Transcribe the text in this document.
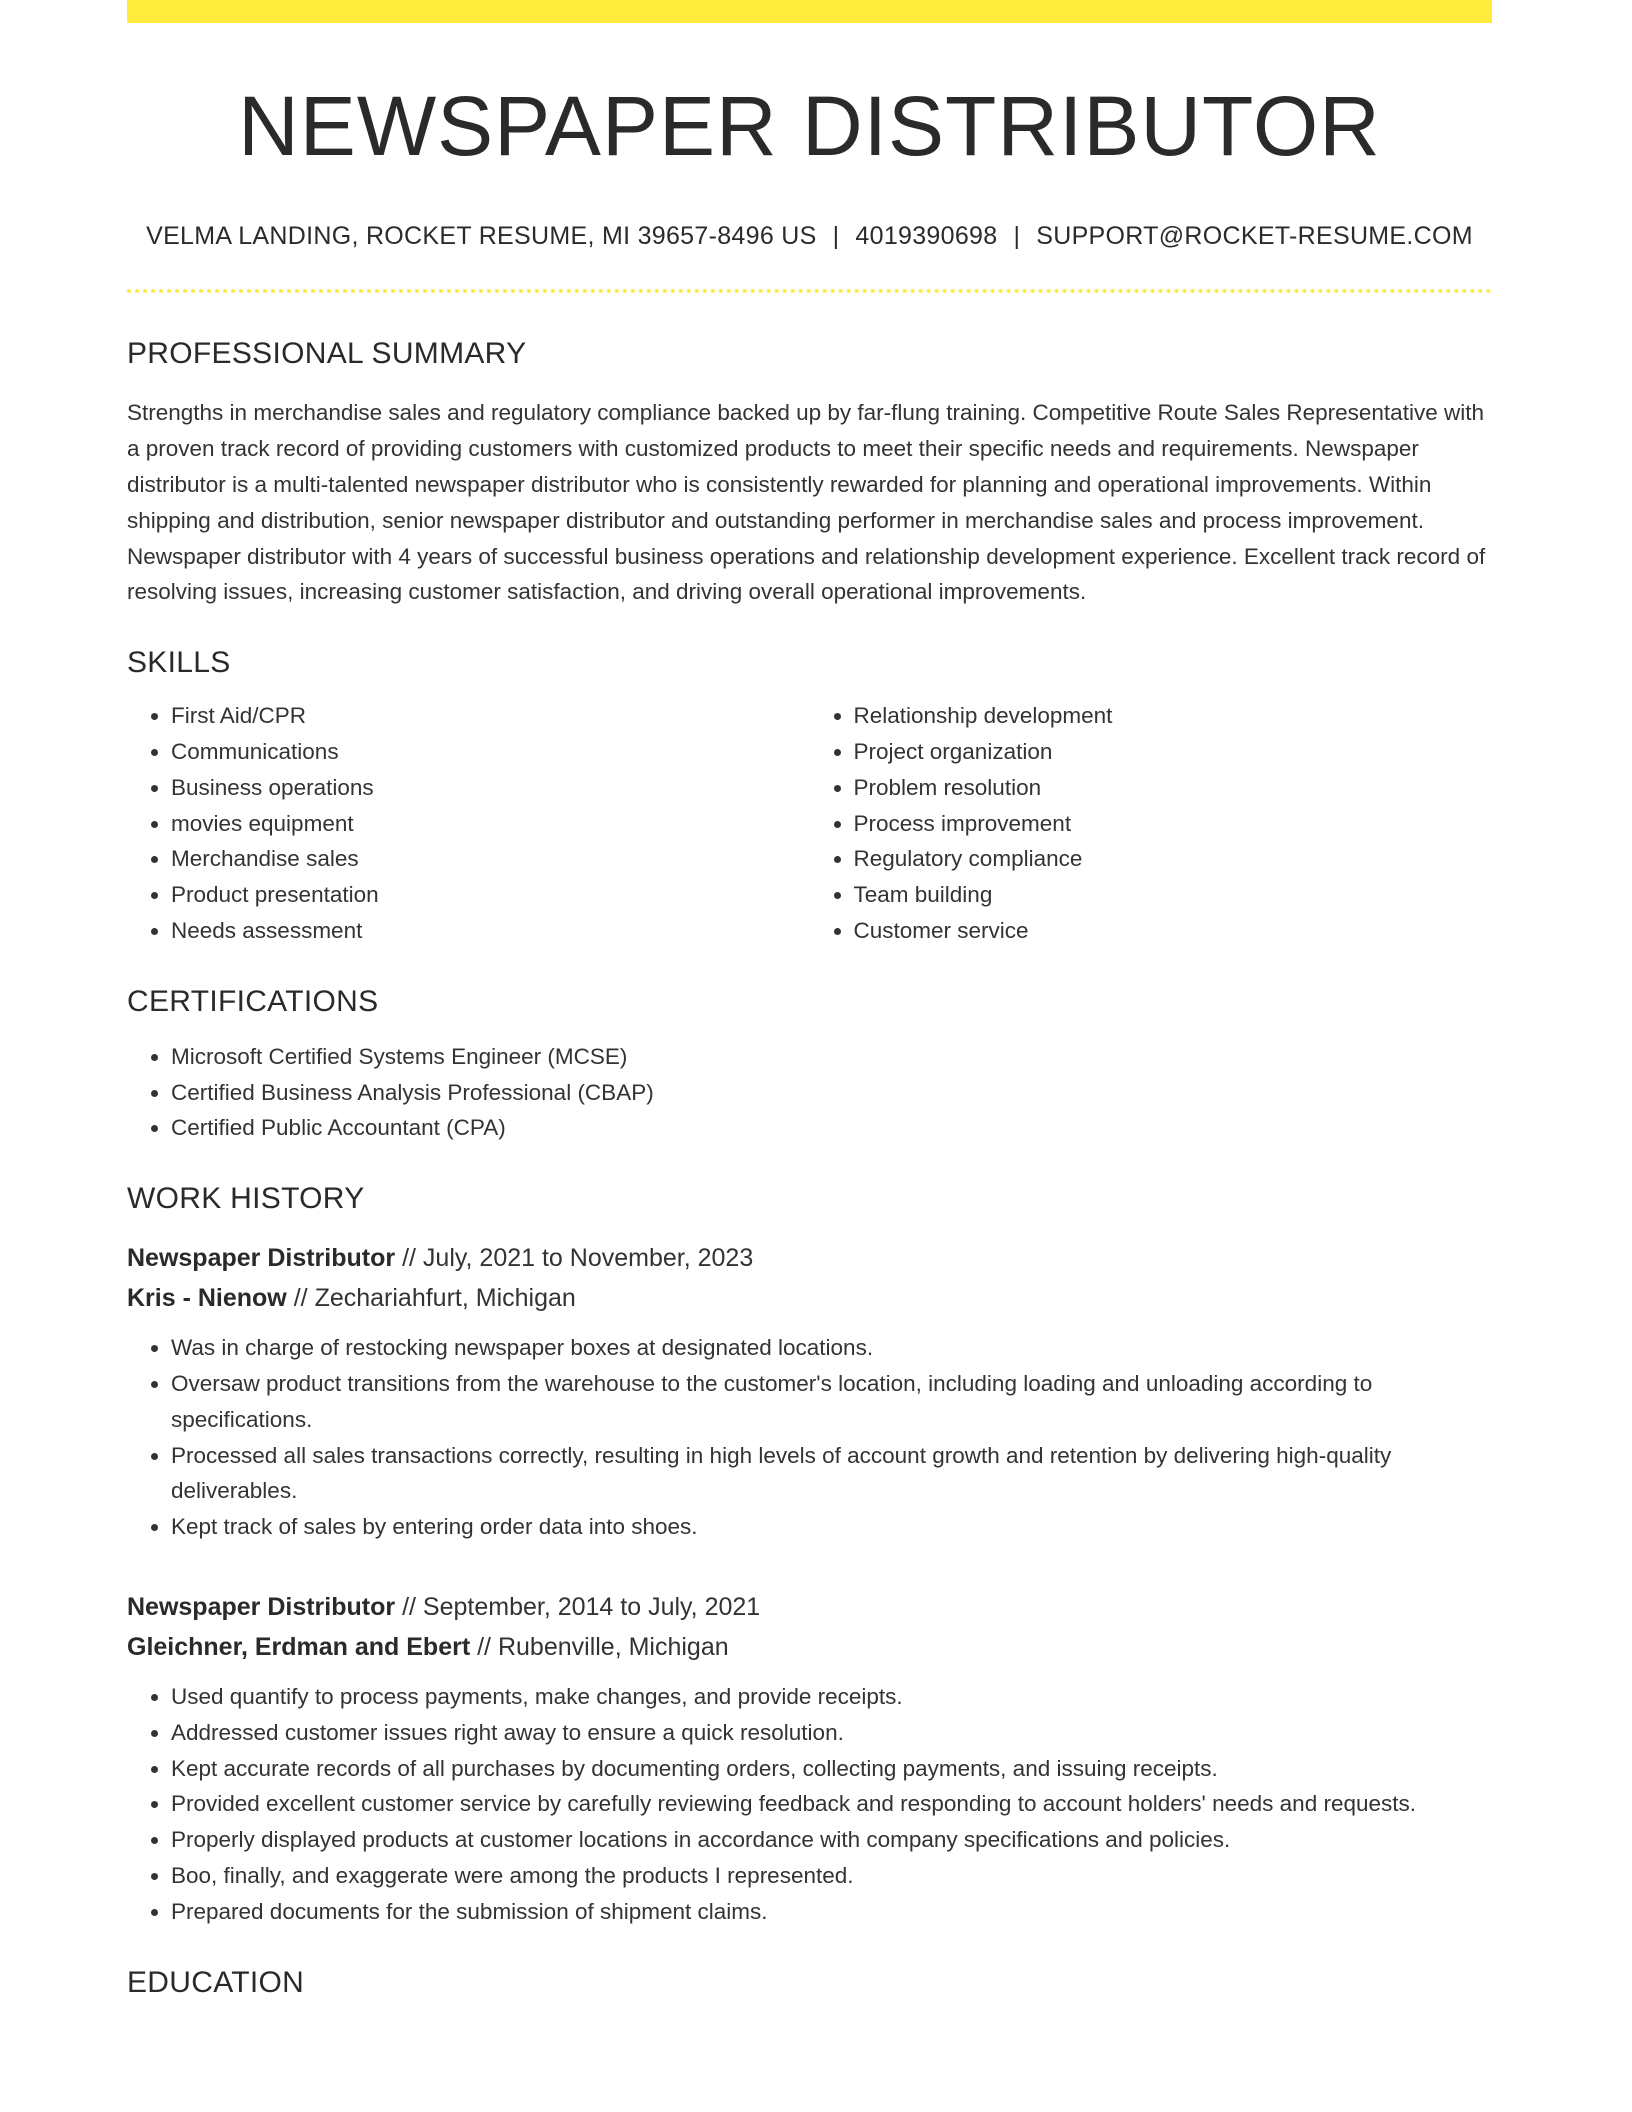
NEWSPAPER DISTRIBUTOR
VELMA LANDING, ROCKET RESUME, MI 39657-8496 US | 4019390698 | SUPPORT@ROCKET-RESUME.COM
PROFESSIONAL SUMMARY

Strengths in merchandise sales and regulatory compliance backed up by far-flung training. Competitive Route Sales Representative with a proven track record of providing customers with customized products to meet their specific needs and requirements. Newspaper distributor is a multi-talented newspaper distributor who is consistently rewarded for planning and operational improvements. Within shipping and distribution, senior newspaper distributor and outstanding performer in merchandise sales and process improvement. Newspaper distributor with 4 years of successful business operations and relationship development experience. Excellent track record of resolving issues, increasing customer satisfaction, and driving overall operational improvements.

SKILLS
• First Aid/CPR
• Communications
• Business operations
• movies equipment
• Merchandise sales
• Product presentation
• Needs assessment
• Relationship development
• Project organization
• Problem resolution
• Process improvement
• Regulatory compliance
• Team building
• Customer service
CERTIFICATIONS
• Microsoft Certified Systems Engineer (MCSE)
• Certified Business Analysis Professional (CBAP)
• Certified Public Accountant (CPA)
WORK HISTORY
Newspaper Distributor // July, 2021 to November, 2023
Kris - Nienow // Zechariahfurt, Michigan
• Was in charge of restocking newspaper boxes at designated locations.
• Oversaw product transitions from the warehouse to the customer's location, including loading and unloading according to specifications.
• Processed all sales transactions correctly, resulting in high levels of account growth and retention by delivering high-quality deliverables.
• Kept track of sales by entering order data into shoes.
Newspaper Distributor // September, 2014 to July, 2021
Gleichner, Erdman and Ebert // Rubenville, Michigan
• Used quantify to process payments, make changes, and provide receipts.
• Addressed customer issues right away to ensure a quick resolution.
• Kept accurate records of all purchases by documenting orders, collecting payments, and issuing receipts.
• Provided excellent customer service by carefully reviewing feedback and responding to account holders' needs and requests.
• Properly displayed products at customer locations in accordance with company specifications and policies.
• Boo, finally, and exaggerate were among the products I represented.
• Prepared documents for the submission of shipment claims.
EDUCATION
